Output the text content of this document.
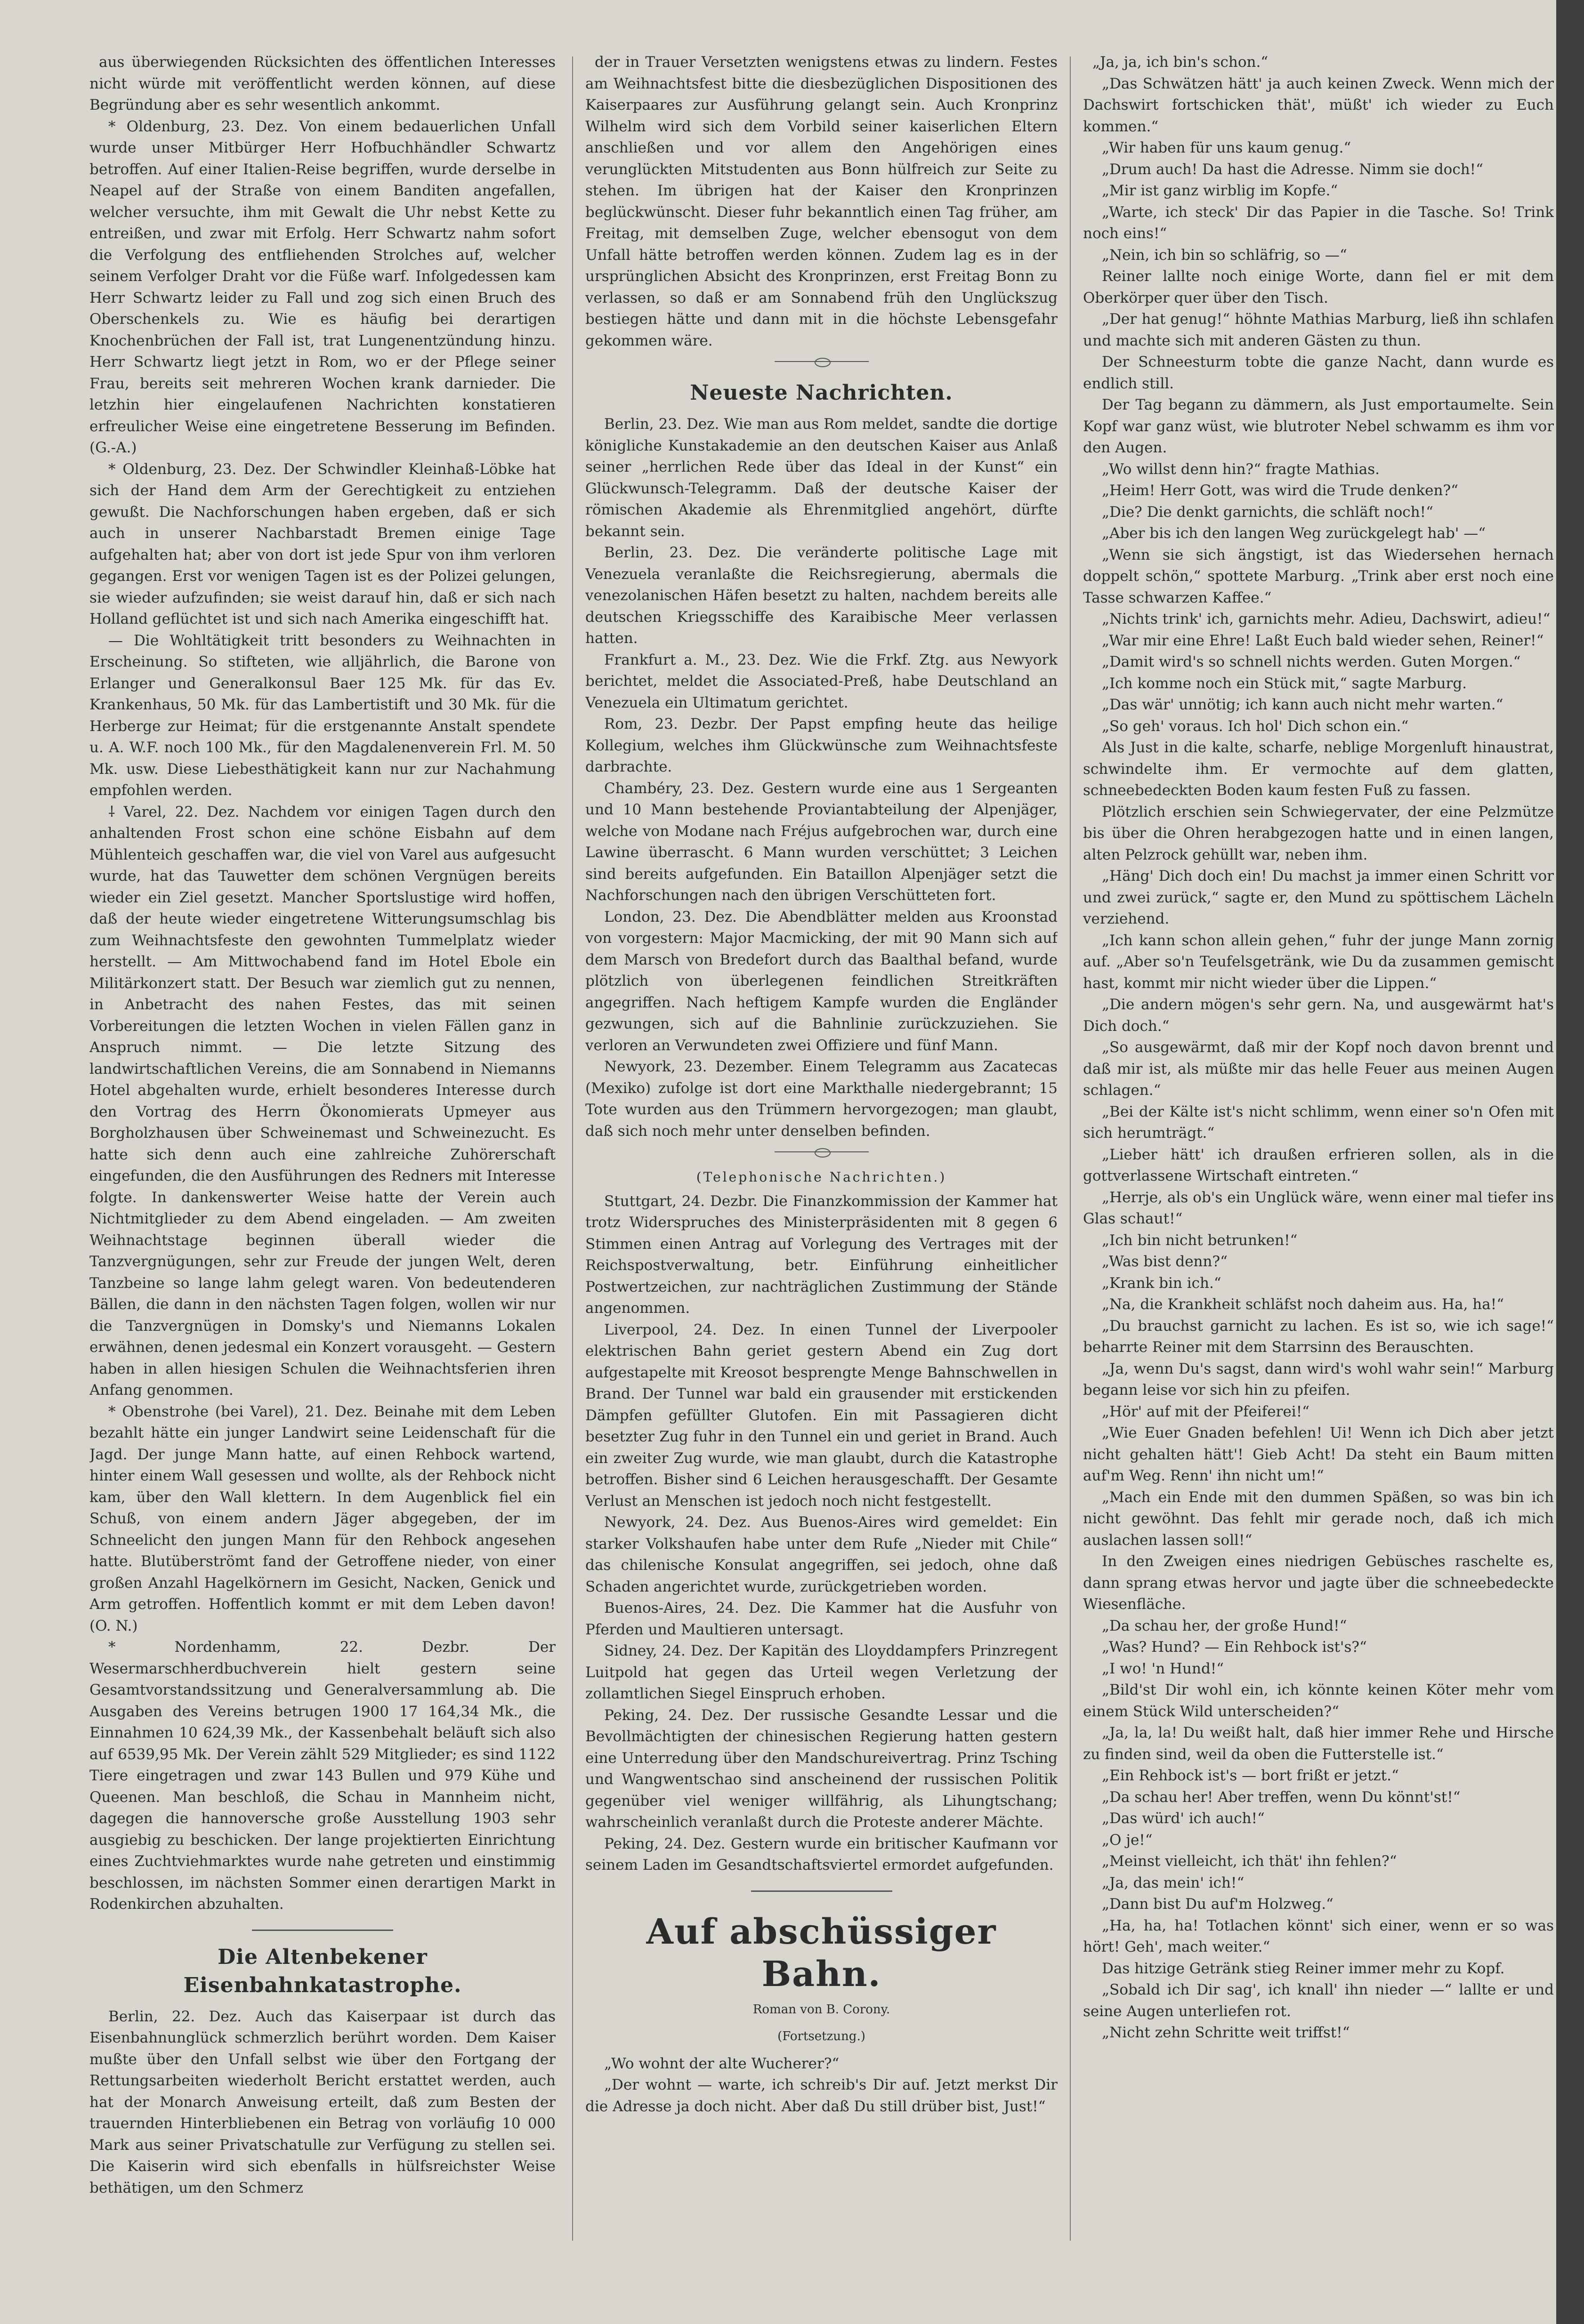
aus überwiegenden Rücksichten des öffentlichen Interesses nicht würde mit veröffentlicht werden können, auf diese Begründung aber es sehr wesentlich ankommt.

* Oldenburg, 23. Dez. Von einem bedauerlichen Unfall wurde unser Mitbürger Herr Hofbuchhändler Schwartz betroffen. Auf einer Italien-Reise begriffen, wurde derselbe in Neapel auf der Straße von einem Banditen angefallen, welcher versuchte, ihm mit Gewalt die Uhr nebst Kette zu entreißen, und zwar mit Erfolg. Herr Schwartz nahm sofort die Verfolgung des entfliehenden Strolches auf, welcher seinem Verfolger Draht vor die Füße warf. Infolgedessen kam Herr Schwartz leider zu Fall und zog sich einen Bruch des Oberschenkels zu. Wie es häufig bei derartigen Knochenbrüchen der Fall ist, trat Lungenentzündung hinzu. Herr Schwartz liegt jetzt in Rom, wo er der Pflege seiner Frau, bereits seit mehreren Wochen krank darnieder. Die letzhin hier eingelaufenen Nachrichten konstatieren erfreulicher Weise eine eingetretene Besserung im Befinden. (G.-A.)

* Oldenburg, 23. Dez. Der Schwindler Kleinhaß-Löbke hat sich der Hand dem Arm der Gerechtigkeit zu entziehen gewußt. Die Nachforschungen haben ergeben, daß er sich auch in unserer Nachbarstadt Bremen einige Tage aufgehalten hat; aber von dort ist jede Spur von ihm verloren gegangen. Erst vor wenigen Tagen ist es der Polizei gelungen, sie wieder aufzufinden; sie weist darauf hin, daß er sich nach Holland geflüchtet ist und sich nach Amerika eingeschifft hat.

— Die Wohltätigkeit tritt besonders zu Weihnachten in Erscheinung. So stifteten, wie alljährlich, die Barone von Erlanger und Generalkonsul Baer 125 Mk. für das Ev. Krankenhaus, 50 Mk. für das Lambertistift und 30 Mk. für die Herberge zur Heimat; für die erstgenannte Anstalt spendete u. A. W.F. noch 100 Mk., für den Magdalenenverein Frl. M. 50 Mk. usw. Diese Liebesthätigkeit kann nur zur Nachahmung empfohlen werden.

⸸ Varel, 22. Dez. Nachdem vor einigen Tagen durch den anhaltenden Frost schon eine schöne Eisbahn auf dem Mühlenteich geschaffen war, die viel von Varel aus aufgesucht wurde, hat das Tauwetter dem schönen Vergnügen bereits wieder ein Ziel gesetzt. Mancher Sportslustige wird hoffen, daß der heute wieder eingetretene Witterungsumschlag bis zum Weihnachtsfeste den gewohnten Tummelplatz wieder herstellt. — Am Mittwochabend fand im Hotel Ebole ein Militärkonzert statt. Der Besuch war ziemlich gut zu nennen, in Anbetracht des nahen Festes, das mit seinen Vorbereitungen die letzten Wochen in vielen Fällen ganz in Anspruch nimmt. — Die letzte Sitzung des landwirtschaftlichen Vereins, die am Sonnabend in Niemanns Hotel abgehalten wurde, erhielt besonderes Interesse durch den Vortrag des Herrn Ökonomierats Upmeyer aus Borgholzhausen über Schweinemast und Schweinezucht. Es hatte sich denn auch eine zahlreiche Zuhörerschaft eingefunden, die den Ausführungen des Redners mit Interesse folgte. In dankenswerter Weise hatte der Verein auch Nichtmitglieder zu dem Abend eingeladen. — Am zweiten Weihnachtstage beginnen überall wieder die Tanzvergnügungen, sehr zur Freude der jungen Welt, deren Tanzbeine so lange lahm gelegt waren. Von bedeutenderen Bällen, die dann in den nächsten Tagen folgen, wollen wir nur die Tanzvergnügen in Domsky's und Niemanns Lokalen erwähnen, denen jedesmal ein Konzert vorausgeht. — Gestern haben in allen hiesigen Schulen die Weihnachtsferien ihren Anfang genommen.

* Obenstrohe (bei Varel), 21. Dez. Beinahe mit dem Leben bezahlt hätte ein junger Landwirt seine Leidenschaft für die Jagd. Der junge Mann hatte, auf einen Rehbock wartend, hinter einem Wall gesessen und wollte, als der Rehbock nicht kam, über den Wall klettern. In dem Augenblick fiel ein Schuß, von einem andern Jäger abgegeben, der im Schneelicht den jungen Mann für den Rehbock angesehen hatte. Blutüberströmt fand der Getroffene nieder, von einer großen Anzahl Hagelkörnern im Gesicht, Nacken, Genick und Arm getroffen. Hoffentlich kommt er mit dem Leben davon! (O. N.)

* Nordenhamm, 22. Dezbr. Der Wesermarschherdbuchverein hielt gestern seine Gesamtvorstandssitzung und Generalversammlung ab. Die Ausgaben des Vereins betrugen 1900 17 164,34 Mk., die Einnahmen 10 624,39 Mk., der Kassenbehalt beläuft sich also auf 6539,95 Mk. Der Verein zählt 529 Mitglieder; es sind 1122 Tiere eingetragen und zwar 143 Bullen und 979 Kühe und Queenen. Man beschloß, die Schau in Mannheim nicht, dagegen die hannoversche große Ausstellung 1903 sehr ausgiebig zu beschicken. Der lange projektierten Einrichtung eines Zuchtviehmarktes wurde nahe getreten und einstimmig beschlossen, im nächsten Sommer einen derartigen Markt in Rodenkirchen abzuhalten.

Die Altenbekener Eisenbahnkatastrophe.

Berlin, 22. Dez. Auch das Kaiserpaar ist durch das Eisenbahnunglück schmerzlich berührt worden. Dem Kaiser mußte über den Unfall selbst wie über den Fortgang der Rettungsarbeiten wiederholt Bericht erstattet werden, auch hat der Monarch Anweisung erteilt, daß zum Besten der trauernden Hinterbliebenen ein Betrag von vorläufig 10 000 Mark aus seiner Privatschatulle zur Verfügung zu stellen sei. Die Kaiserin wird sich ebenfalls in hülfsreichster Weise bethätigen, um den Schmerz

der in Trauer Versetzten wenigstens etwas zu lindern. Festes am Weihnachtsfest bitte die diesbezüglichen Dispositionen des Kaiserpaares zur Ausführung gelangt sein. Auch Kronprinz Wilhelm wird sich dem Vorbild seiner kaiserlichen Eltern anschließen und vor allem den Angehörigen eines verunglückten Mitstudenten aus Bonn hülfreich zur Seite zu stehen. Im übrigen hat der Kaiser den Kronprinzen beglückwünscht. Dieser fuhr bekanntlich einen Tag früher, am Freitag, mit demselben Zuge, welcher ebensogut von dem Unfall hätte betroffen werden können. Zudem lag es in der ursprünglichen Absicht des Kronprinzen, erst Freitag Bonn zu verlassen, so daß er am Sonnabend früh den Unglückszug bestiegen hätte und dann mit in die höchste Lebensgefahr gekommen wäre.

Neueste Nachrichten.

Berlin, 23. Dez. Wie man aus Rom meldet, sandte die dortige königliche Kunstakademie an den deutschen Kaiser aus Anlaß seiner „herrlichen Rede über das Ideal in der Kunst“ ein Glückwunsch-Telegramm. Daß der deutsche Kaiser der römischen Akademie als Ehrenmitglied angehört, dürfte bekannt sein.

Berlin, 23. Dez. Die veränderte politische Lage mit Venezuela veranlaßte die Reichsregierung, abermals die venezolanischen Häfen besetzt zu halten, nachdem bereits alle deutschen Kriegsschiffe des Karaibische Meer verlassen hatten.

Frankfurt a. M., 23. Dez. Wie die Frkf. Ztg. aus Newyork berichtet, meldet die Associated-Preß, habe Deutschland an Venezuela ein Ultimatum gerichtet.

Rom, 23. Dezbr. Der Papst empfing heute das heilige Kollegium, welches ihm Glückwünsche zum Weihnachtsfeste darbrachte.

Chambéry, 23. Dez. Gestern wurde eine aus 1 Sergeanten und 10 Mann bestehende Proviantabteilung der Alpenjäger, welche von Modane nach Fréjus aufgebrochen war, durch eine Lawine überrascht. 6 Mann wurden verschüttet; 3 Leichen sind bereits aufgefunden. Ein Bataillon Alpenjäger setzt die Nachforschungen nach den übrigen Verschütteten fort.

London, 23. Dez. Die Abendblätter melden aus Kroonstad von vorgestern: Major Macmicking, der mit 90 Mann sich auf dem Marsch von Bredefort durch das Baalthal befand, wurde plötzlich von überlegenen feindlichen Streitkräften angegriffen. Nach heftigem Kampfe wurden die Engländer gezwungen, sich auf die Bahnlinie zurückzuziehen. Sie verloren an Verwundeten zwei Offiziere und fünf Mann.

Newyork, 23. Dezember. Einem Telegramm aus Zacatecas (Mexiko) zufolge ist dort eine Markthalle niedergebrannt; 15 Tote wurden aus den Trümmern hervorgezogen; man glaubt, daß sich noch mehr unter denselben befinden.

(Telephonische Nachrichten.)

Stuttgart, 24. Dezbr. Die Finanzkommission der Kammer hat trotz Widerspruches des Ministerpräsidenten mit 8 gegen 6 Stimmen einen Antrag auf Vorlegung des Vertrages mit der Reichspostverwaltung, betr. Einführung einheitlicher Postwertzeichen, zur nachträglichen Zustimmung der Stände angenommen.

Liverpool, 24. Dez. In einen Tunnel der Liverpooler elektrischen Bahn geriet gestern Abend ein Zug dort aufgestapelte mit Kreosot besprengte Menge Bahnschwellen in Brand. Der Tunnel war bald ein grausender mit erstickenden Dämpfen gefüllter Glutofen. Ein mit Passagieren dicht besetzter Zug fuhr in den Tunnel ein und geriet in Brand. Auch ein zweiter Zug wurde, wie man glaubt, durch die Katastrophe betroffen. Bisher sind 6 Leichen herausgeschafft. Der Gesamte Verlust an Menschen ist jedoch noch nicht festgestellt.

Newyork, 24. Dez. Aus Buenos-Aires wird gemeldet: Ein starker Volkshaufen habe unter dem Rufe „Nieder mit Chile“ das chilenische Konsulat angegriffen, sei jedoch, ohne daß Schaden angerichtet wurde, zurückgetrieben worden.

Buenos-Aires, 24. Dez. Die Kammer hat die Ausfuhr von Pferden und Maultieren untersagt.

Sidney, 24. Dez. Der Kapitän des Lloyddampfers Prinzregent Luitpold hat gegen das Urteil wegen Verletzung der zollamtlichen Siegel Einspruch erhoben.

Peking, 24. Dez. Der russische Gesandte Lessar und die Bevollmächtigten der chinesischen Regierung hatten gestern eine Unterredung über den Mandschureivertrag. Prinz Tsching und Wangwentschao sind anscheinend der russischen Politik gegenüber viel weniger willfährig, als Lihungtschang; wahrscheinlich veranlaßt durch die Proteste anderer Mächte.

Peking, 24. Dez. Gestern wurde ein britischer Kaufmann vor seinem Laden im Gesandtschaftsviertel ermordet aufgefunden.

Auf abschüssiger Bahn.
Roman von B. Corony.
(Fortsetzung.)

„Wo wohnt der alte Wucherer?“

„Der wohnt — warte, ich schreib's Dir auf. Jetzt merkst Dir die Adresse ja doch nicht. Aber daß Du still drüber bist, Just!“

„Ja, ja, ich bin's schon.“

„Das Schwätzen hätt' ja auch keinen Zweck. Wenn mich der Dachswirt fortschicken thät', müßt' ich wieder zu Euch kommen.“

„Wir haben für uns kaum genug.“

„Drum auch! Da hast die Adresse. Nimm sie doch!“

„Mir ist ganz wirblig im Kopfe.“

„Warte, ich steck' Dir das Papier in die Tasche. So! Trink noch eins!“

„Nein, ich bin so schläfrig, so —“

Reiner lallte noch einige Worte, dann fiel er mit dem Oberkörper quer über den Tisch.

„Der hat genug!“ höhnte Mathias Marburg, ließ ihn schlafen und machte sich mit anderen Gästen zu thun.

Der Schneesturm tobte die ganze Nacht, dann wurde es endlich still.

Der Tag begann zu dämmern, als Just emportaumelte. Sein Kopf war ganz wüst, wie blutroter Nebel schwamm es ihm vor den Augen.

„Wo willst denn hin?“ fragte Mathias.

„Heim! Herr Gott, was wird die Trude denken?“

„Die? Die denkt garnichts, die schläft noch!“

„Aber bis ich den langen Weg zurückgelegt hab' —“

„Wenn sie sich ängstigt, ist das Wiedersehen hernach doppelt schön,“ spottete Marburg. „Trink aber erst noch eine Tasse schwarzen Kaffee.“

„Nichts trink' ich, garnichts mehr. Adieu, Dachswirt, adieu!“

„War mir eine Ehre! Laßt Euch bald wieder sehen, Reiner!“

„Damit wird's so schnell nichts werden. Guten Morgen.“

„Ich komme noch ein Stück mit,“ sagte Marburg.

„Das wär' unnötig; ich kann auch nicht mehr warten.“

„So geh' voraus. Ich hol' Dich schon ein.“

Als Just in die kalte, scharfe, neblige Morgenluft hinaustrat, schwindelte ihm. Er vermochte auf dem glatten, schneebedeckten Boden kaum festen Fuß zu fassen.

Plötzlich erschien sein Schwiegervater, der eine Pelzmütze bis über die Ohren herabgezogen hatte und in einen langen, alten Pelzrock gehüllt war, neben ihm.

„Häng' Dich doch ein! Du machst ja immer einen Schritt vor und zwei zurück,“ sagte er, den Mund zu spöttischem Lächeln verziehend.

„Ich kann schon allein gehen,“ fuhr der junge Mann zornig auf. „Aber so'n Teufelsgetränk, wie Du da zusammen gemischt hast, kommt mir nicht wieder über die Lippen.“

„Die andern mögen's sehr gern. Na, und ausgewärmt hat's Dich doch.“

„So ausgewärmt, daß mir der Kopf noch davon brennt und daß mir ist, als müßte mir das helle Feuer aus meinen Augen schlagen.“

„Bei der Kälte ist's nicht schlimm, wenn einer so'n Ofen mit sich herumträgt.“

„Lieber hätt' ich draußen erfrieren sollen, als in die gottverlassene Wirtschaft eintreten.“

„Herrje, als ob's ein Unglück wäre, wenn einer mal tiefer ins Glas schaut!“

„Ich bin nicht betrunken!“

„Was bist denn?“

„Krank bin ich.“

„Na, die Krankheit schläfst noch daheim aus. Ha, ha!“

„Du brauchst garnicht zu lachen. Es ist so, wie ich sage!“ beharrte Reiner mit dem Starrsinn des Berauschten.

„Ja, wenn Du's sagst, dann wird's wohl wahr sein!“ Marburg begann leise vor sich hin zu pfeifen.

„Hör' auf mit der Pfeiferei!“

„Wie Euer Gnaden befehlen! Ui! Wenn ich Dich aber jetzt nicht gehalten hätt'! Gieb Acht! Da steht ein Baum mitten auf'm Weg. Renn' ihn nicht um!“

„Mach ein Ende mit den dummen Späßen, so was bin ich nicht gewöhnt. Das fehlt mir gerade noch, daß ich mich auslachen lassen soll!“

In den Zweigen eines niedrigen Gebüsches raschelte es, dann sprang etwas hervor und jagte über die schneebedeckte Wiesenfläche.

„Da schau her, der große Hund!“

„Was? Hund? — Ein Rehbock ist's?“

„I wo! 'n Hund!“

„Bild'st Dir wohl ein, ich könnte keinen Köter mehr vom einem Stück Wild unterscheiden?“

„Ja, la, la! Du weißt halt, daß hier immer Rehe und Hirsche zu finden sind, weil da oben die Futterstelle ist.“

„Ein Rehbock ist's — bort frißt er jetzt.“

„Da schau her! Aber treffen, wenn Du könnt'st!“

„Das würd' ich auch!“

„O je!“

„Meinst vielleicht, ich thät' ihn fehlen?“

„Ja, das mein' ich!“

„Dann bist Du auf'm Holzweg.“

„Ha, ha, ha! Totlachen könnt' sich einer, wenn er so was hört! Geh', mach weiter.“

Das hitzige Getränk stieg Reiner immer mehr zu Kopf.

„Sobald ich Dir sag', ich knall' ihn nieder —“ lallte er und seine Augen unterliefen rot.

„Nicht zehn Schritte weit triffst!“
